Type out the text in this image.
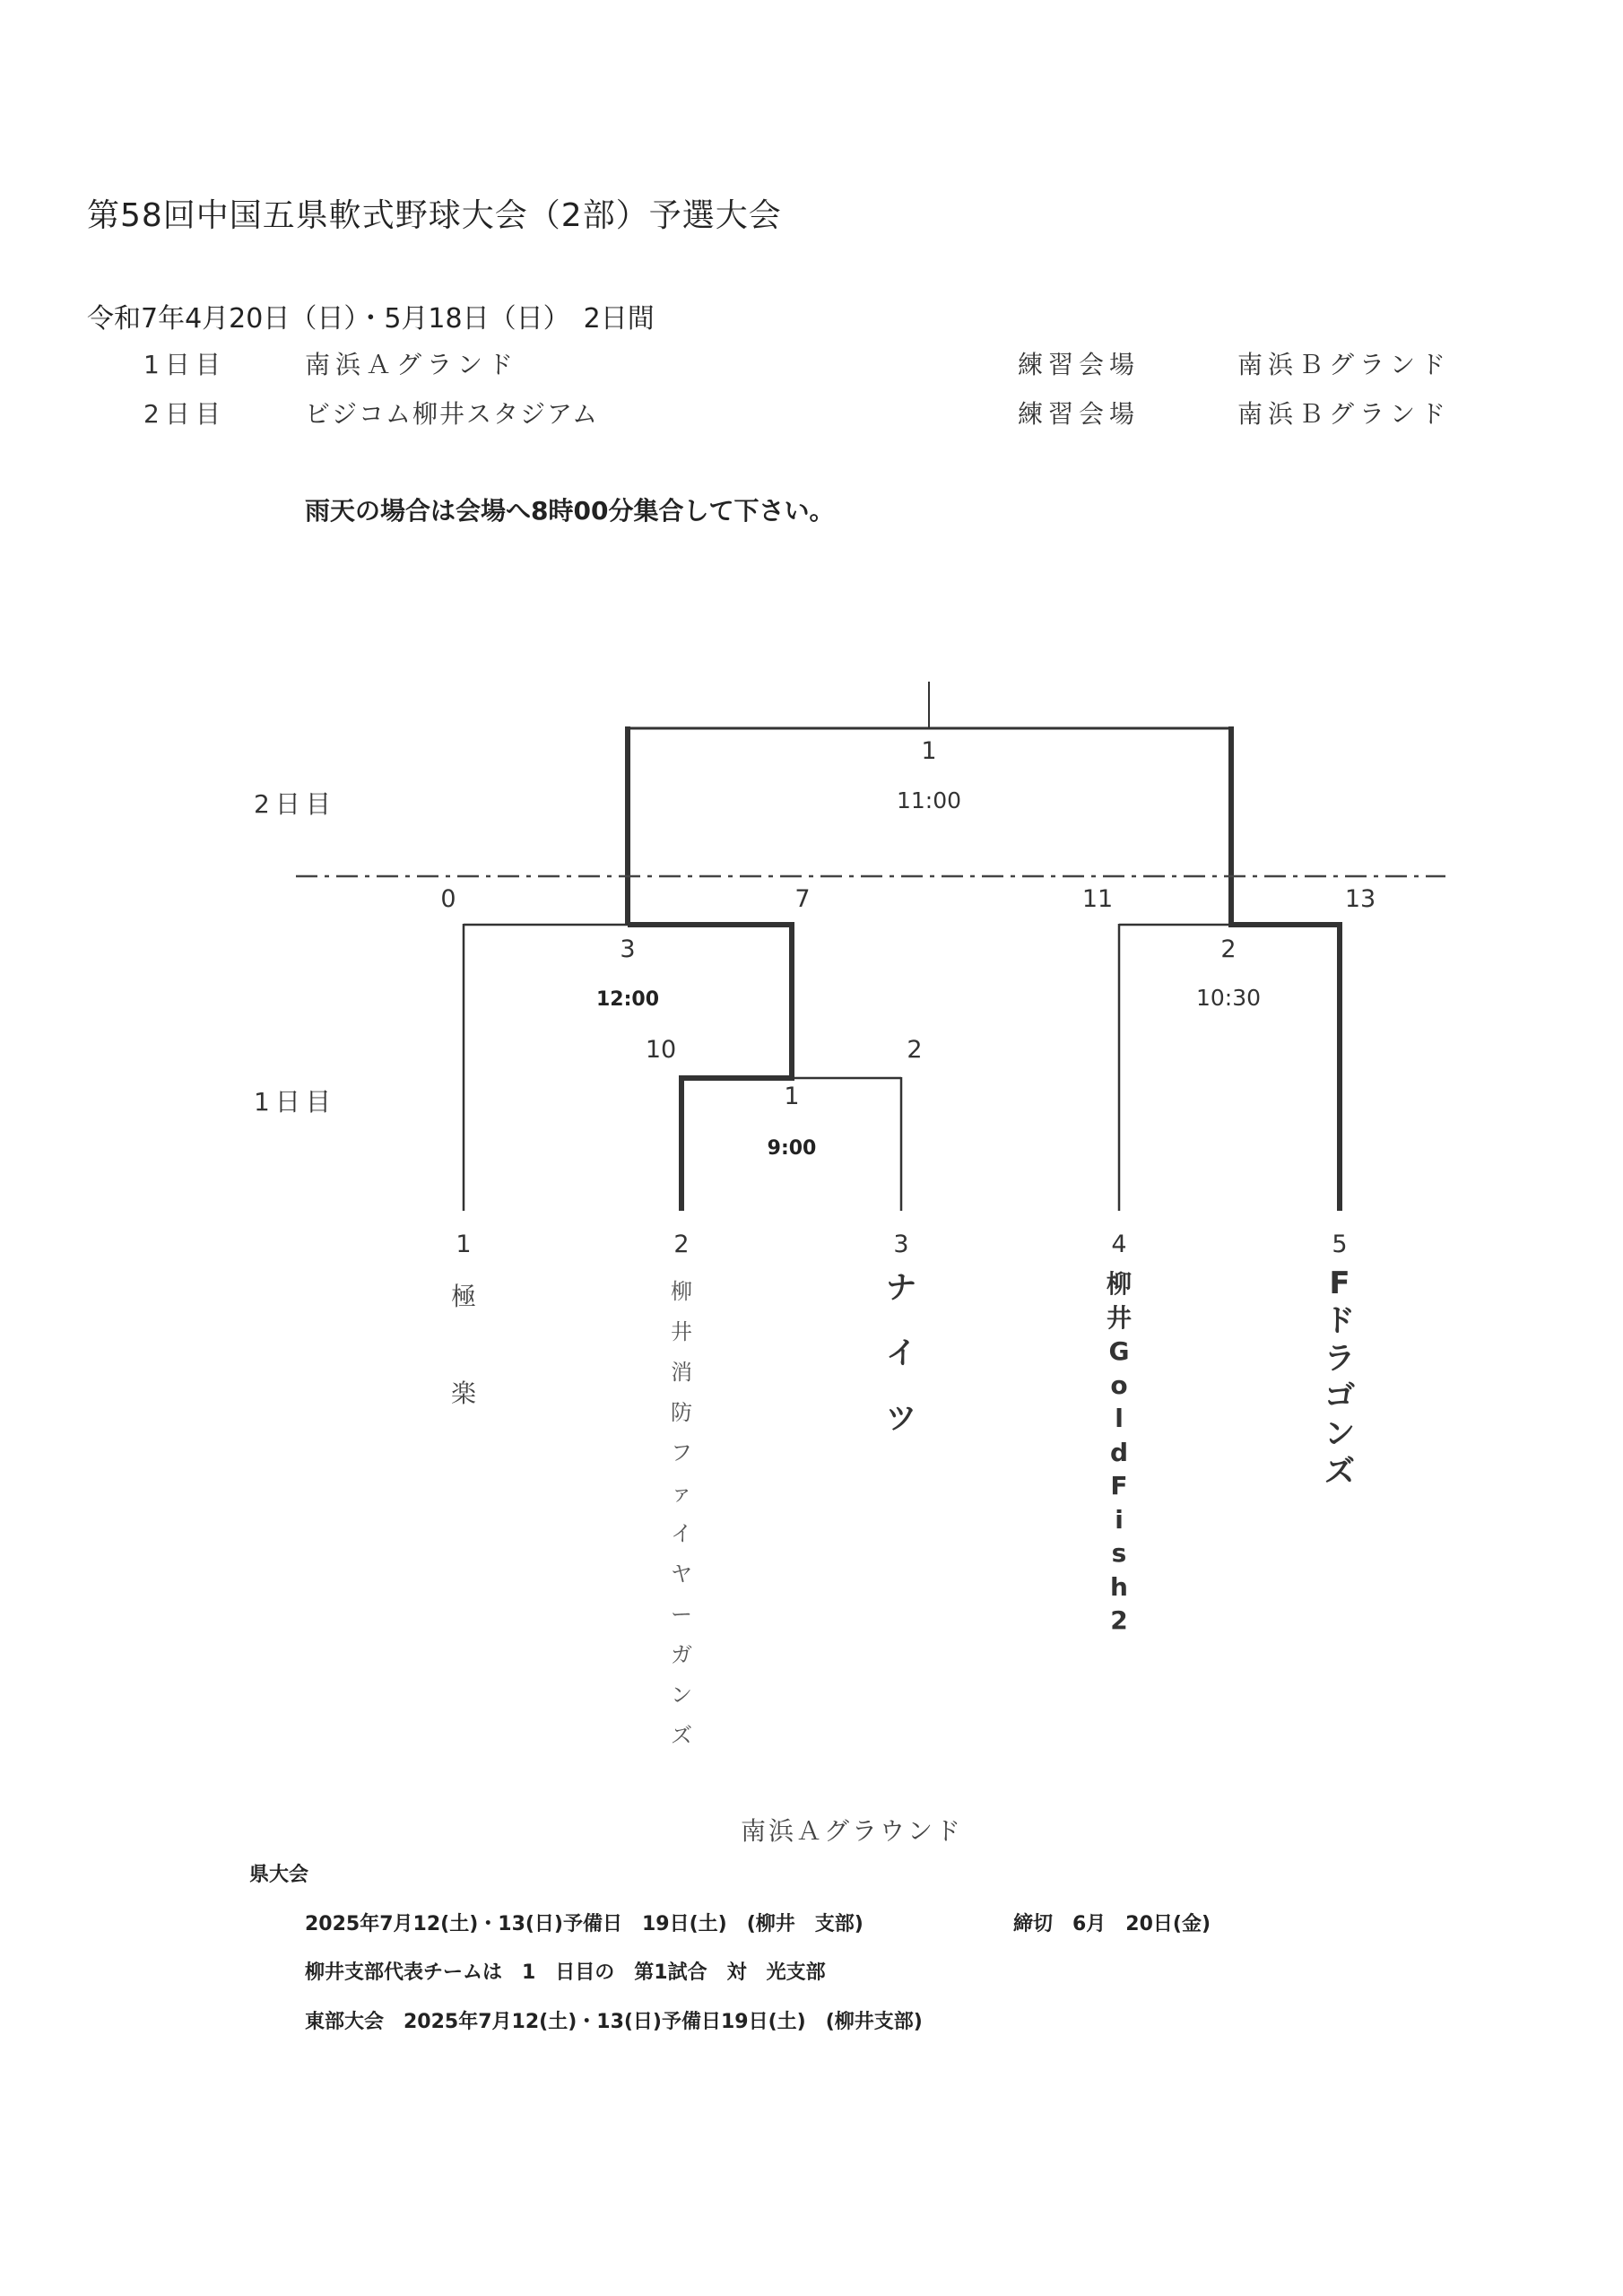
第58回中国五県軟式野球大会（2部）予選大会
令和7年4月20日（日）・5月18日（日）　2日間
1日目	南浜Ａグランド	練習会場	南浜Ｂグランド
2日目	ビジコム柳井スタジアム	練習会場	南浜Ｂグランド
雨天の場合は会場へ8時00分集合して下さい。
2日目
1日目
1
11:00
0	7
3
12:00
11	13
2
10:30
10	2
1
9:00
1	2	3	4	5
極
楽
柳
井
消
防
フ
ァ
イ
ヤ
ー
ガ
ン
ズ
ナ
イ
ツ
柳
井
G
o
l
d
F
i
s
h
2
F
ド
ラ
ゴ
ン
ズ
南浜Ａグラウンド
県大会
2025年7月12(土)・13(日)予備日　19日(土)　(柳井　支部)	締切　6月　20日(金)
柳井支部代表チームは　1　日目の　第1試合　対　光支部
東部大会　2025年7月12(土)・13(日)予備日19日(土)　(柳井支部)
